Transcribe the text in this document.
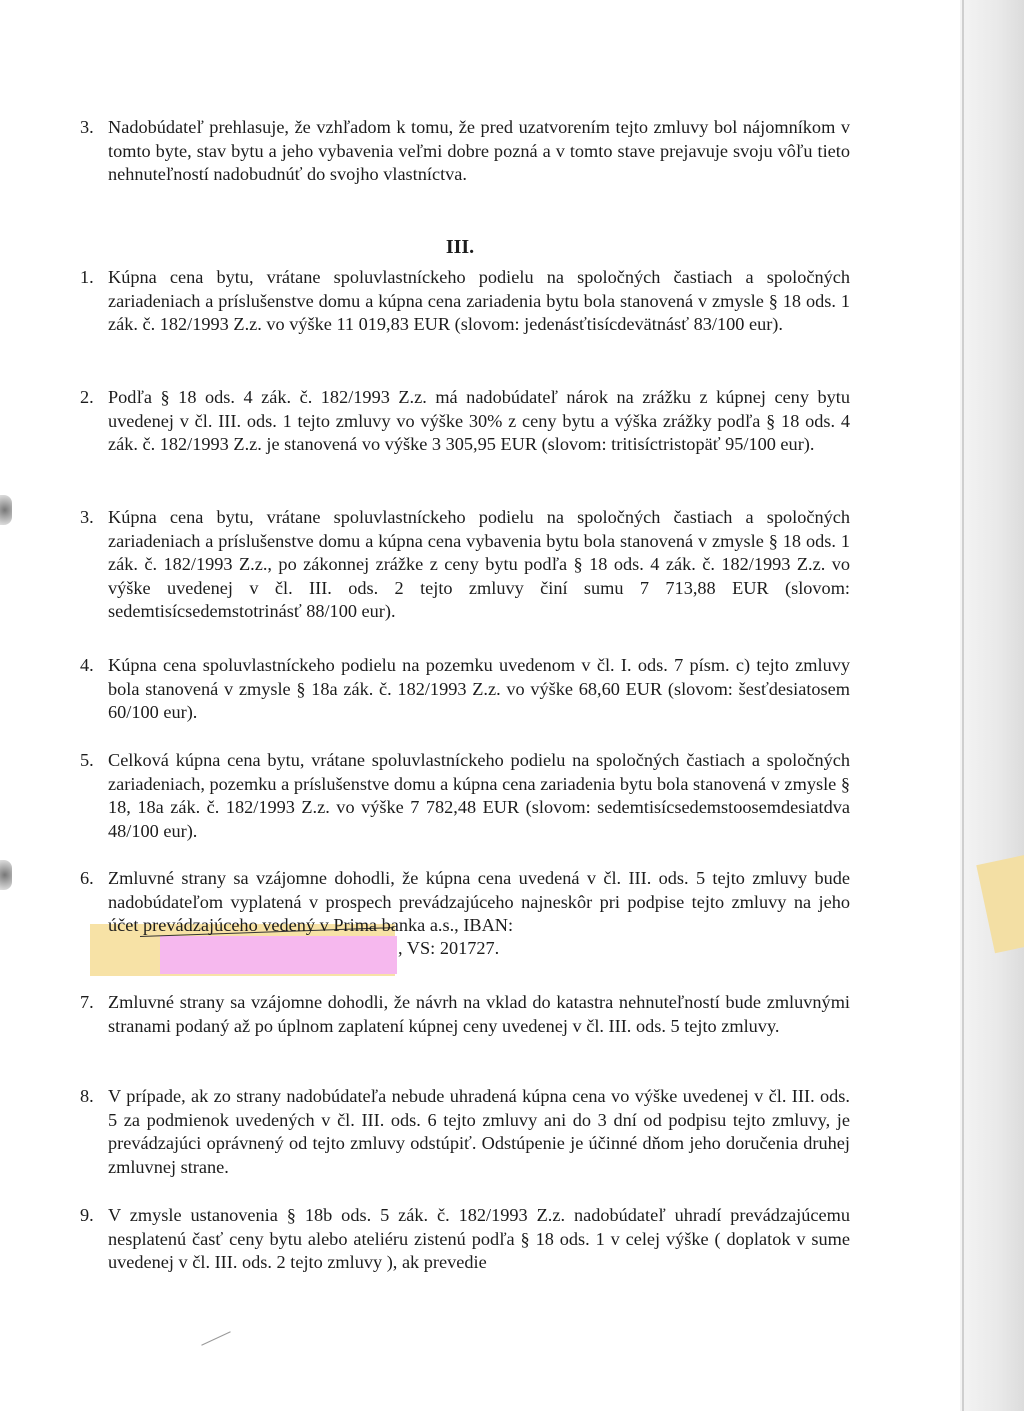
3. Nadobúdateľ prehlasuje, že vzhľadom k tomu, že pred uzatvorením tejto zmluvy bol nájomníkom v tomto byte, stav bytu a jeho vybavenia veľmi dobre pozná a v tomto stave prejavuje svoju vôľu tieto nehnuteľností nadobudnúť do svojho vlastníctva.
III.
1. Kúpna cena bytu, vrátane spoluvlastníckeho podielu na spoločných častiach a spoločných zariadeniach a príslušenstve domu a kúpna cena zariadenia bytu bola stanovená v zmysle § 18 ods. 1 zák. č. 182/1993 Z.z. vo výške 11 019,83 EUR (slovom: jedenásťtisícdevätnásť 83/100 eur).
2. Podľa § 18 ods. 4 zák. č. 182/1993 Z.z. má nadobúdateľ nárok na zrážku z kúpnej ceny bytu uvedenej v čl. III. ods. 1 tejto zmluvy vo výške 30% z ceny bytu a výška zrážky podľa § 18 ods. 4 zák. č. 182/1993 Z.z. je stanovená vo výške 3 305,95 EUR (slovom: tritisíctristopäť 95/100 eur).
3. Kúpna cena bytu, vrátane spoluvlastníckeho podielu na spoločných častiach a spoločných zariadeniach a príslušenstve domu a kúpna cena vybavenia bytu bola stanovená v zmysle § 18 ods. 1 zák. č. 182/1993 Z.z., po zákonnej zrážke z ceny bytu podľa § 18 ods. 4 zák. č. 182/1993 Z.z. vo výške uvedenej v čl. III. ods. 2 tejto zmluvy činí sumu 7 713,88 EUR (slovom: sedemtisícsedemstotrinásť 88/100 eur).
4. Kúpna cena spoluvlastníckeho podielu na pozemku uvedenom v čl. I. ods. 7 písm. c) tejto zmluvy bola stanovená v zmysle § 18a zák. č. 182/1993 Z.z. vo výške 68,60 EUR (slovom: šesťdesiatosem 60/100 eur).
5. Celková kúpna cena bytu, vrátane spoluvlastníckeho podielu na spoločných častiach a spoločných zariadeniach, pozemku a príslušenstve domu a kúpna cena zariadenia bytu bola stanovená v zmysle § 18, 18a zák. č. 182/1993 Z.z. vo výške 7 782,48 EUR (slovom: sedemtisícsedemstoosemdesiatdva 48/100 eur).
6. Zmluvné strany sa vzájomne dohodli, že kúpna cena uvedená v čl. III. ods. 5 tejto zmluvy bude nadobúdateľom vyplatená v prospech prevádzajúceho najneskôr pri podpise tejto zmluvy na jeho účet prevádzajúceho vedený v Prima banka a.s., IBAN:
, VS: 201727.
7. Zmluvné strany sa vzájomne dohodli, že návrh na vklad do katastra nehnuteľností bude zmluvnými stranami podaný až po úplnom zaplatení kúpnej ceny uvedenej v čl. III. ods. 5 tejto zmluvy.
8. V prípade, ak zo strany nadobúdateľa nebude uhradená kúpna cena vo výške uvedenej v čl. III. ods. 5 za podmienok uvedených v čl. III. ods. 6 tejto zmluvy ani do 3 dní od podpisu tejto zmluvy, je prevádzajúci oprávnený od tejto zmluvy odstúpiť. Odstúpenie je účinné dňom jeho doručenia druhej zmluvnej strane.
9. V zmysle ustanovenia § 18b ods. 5 zák. č. 182/1993 Z.z. nadobúdateľ uhradí prevádzajúcemu nesplatenú časť ceny bytu alebo ateliéru zistenú podľa § 18 ods. 1 v celej výške ( doplatok v sume uvedenej v čl. III. ods. 2 tejto zmluvy ), ak prevedie
